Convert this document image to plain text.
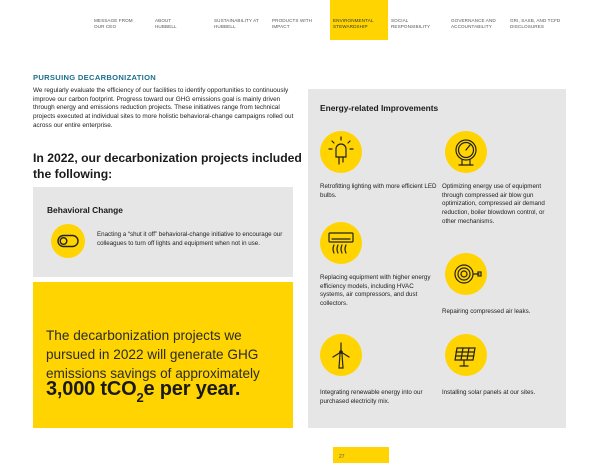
MESSAGE FROM
OUR CEO
ABOUT
HUBBELL
SUSTAINABILITY AT
HUBBELL
PRODUCTS WITH
IMPACT
ENVIRONMENTAL
STEWARDSHIP
SOCIAL
RESPONSIBILITY
GOVERNANCE AND
ACCOUNTABILITY
GRI, SASB, AND TCFD
DISCLOSURES
PURSUING DECARBONIZATION
We regularly evaluate the efficiency of our facilities to identify opportunities to continuously improve our carbon footprint. Progress toward our GHG emissions goal is mainly driven through energy and emissions reduction projects. These initiatives range from technical projects executed at individual sites to more holistic behavioral-change campaigns rolled out across our entire enterprise.
In 2022, our decarbonization projects included the following:
Behavioral Change
Enacting a “shut it off” behavioral-change initiative to encourage our colleagues to turn off lights and equipment when not in use.
The decarbonization projects we pursued in 2022 will generate GHG emissions savings of approximately
3,000 tCO$_2$e per year.
Energy-related Improvements
Retrofitting lighting with more efficient LED bulbs.
Optimizing energy use of equipment through compressed air blow gun optimization, compressed air demand reduction, boiler blowdown control, or other mechanisms.
Replacing equipment with higher energy efficiency models, including HVAC systems, air compressors, and dust collectors.
Repairing compressed air leaks.
Integrating renewable energy into our purchased electricity mix.
Installing solar panels at our sites.
27
